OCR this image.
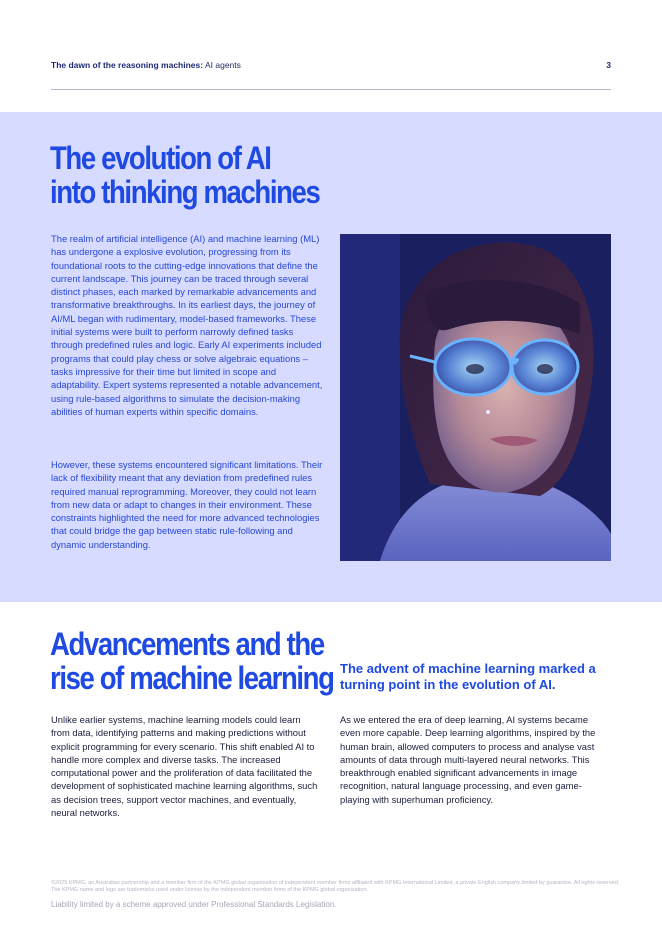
The dawn of the reasoning machines: AI agents	3
The evolution of AI
into thinking machines

The realm of artificial intelligence (AI) and machine learning (ML) has undergone a explosive evolution, progressing from its foundational roots to the cutting-edge innovations that define the current landscape. This journey can be traced through several distinct phases, each marked by remarkable advancements and transformative breakthroughs. In its earliest days, the journey of AI/ML began with rudimentary, model-based frameworks. These initial systems were built to perform narrowly defined tasks through predefined rules and logic. Early AI experiments included programs that could play chess or solve algebraic equations – tasks impressive for their time but limited in scope and adaptability. Expert systems represented a notable advancement, using rule-based algorithms to simulate the decision-making abilities of human experts within specific domains.

However, these systems encountered significant limitations. Their lack of flexibility meant that any deviation from predefined rules required manual reprogramming. Moreover, they could not learn from new data or adapt to changes in their environment. These constraints highlighted the need for more advanced technologies that could bridge the gap between static rule-following and dynamic understanding.

Advancements and the
rise of machine learning The advent of machine learning marked a turning point in the evolution of AI.

Unlike earlier systems, machine learning models could learn from data, identifying patterns and making predictions without explicit programming for every scenario. This shift enabled AI to handle more complex and diverse tasks. The increased computational power and the proliferation of data facilitated the development of sophisticated machine learning algorithms, such as decision trees, support vector machines, and eventually, neural networks.

As we entered the era of deep learning, AI systems became even more capable. Deep learning algorithms, inspired by the human brain, allowed computers to process and analyse vast amounts of data through multi-layered neural networks. This breakthrough enabled significant advancements in image recognition, natural language processing, and even game-playing with superhuman proficiency.

©2025 KPMG, an Australian partnership and a member firm of the KPMG global organisation of independent member firms affiliated with KPMG International Limited, a private English company limited by guarantee. All rights reserved. The KPMG name and logo are trademarks used under license by the independent member firms of the KPMG global organisation.

Liability limited by a scheme approved under Professional Standards Legislation.
